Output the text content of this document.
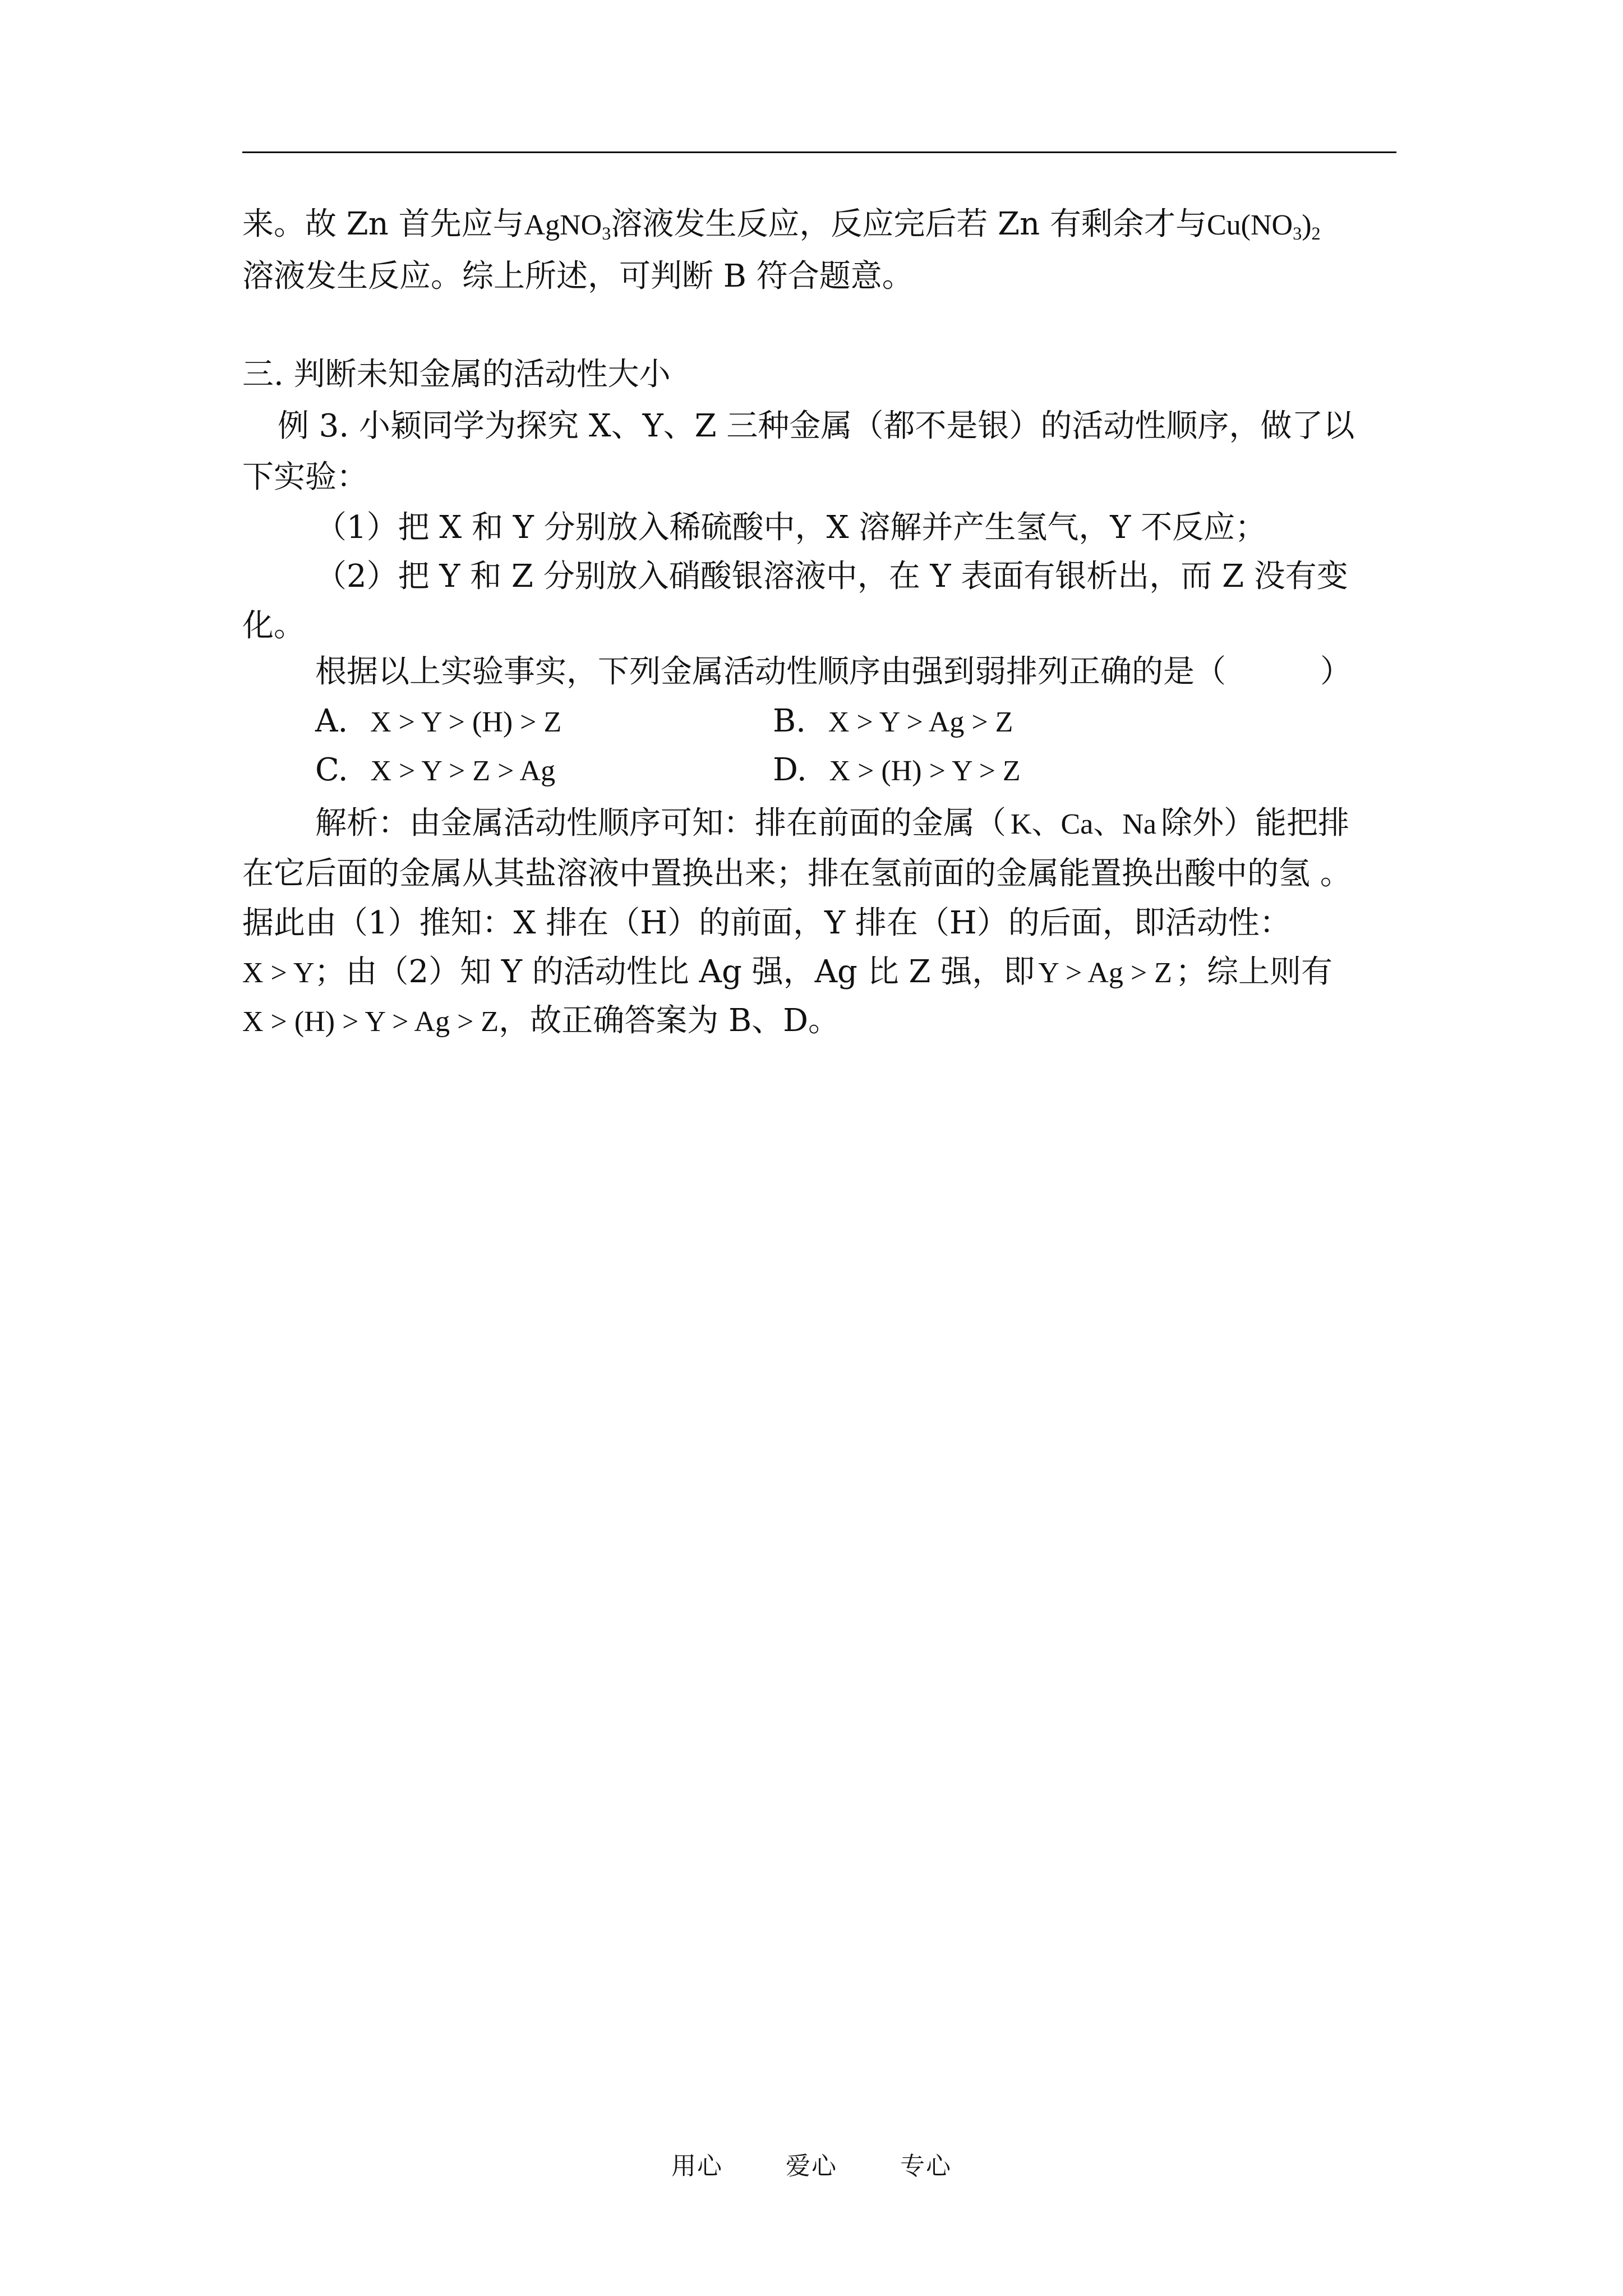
来。故 Zn 首先应与AgNO$_3$溶液发生反应，反应完后若 Zn 有剩余才与$Cu(NO_3)_2$
溶液发生反应。综上所述，可判断 B 符合题意。
三. 判断未知金属的活动性大小
例 3. 小颖同学为探究 X、Y、Z 三种金属（都不是银）的活动性顺序，做了以
下实验：
（1）把 X 和 Y 分别放入稀硫酸中，X 溶解并产生氢气，Y 不反应；
（2）把 Y 和 Z 分别放入硝酸银溶液中，在 Y 表面有银析出，而 Z 没有变
化。
根据以上实验事实，下列金属活动性顺序由强到弱排列正确的是（　　　）
A. X > Y > (H) > Z	B. X > Y > Ag > Z
C. X > Y > Z > Ag	D. X > (H) > Y > Z
解析：由金属活动性顺序可知：排在前面的金属（ K、Ca、Na 除外）能把排
在它后面的金属从其盐溶液中置换出来；排在氢前面的金属能置换出酸中的氢 。
据此由（1）推知：X 排在（H）的前面，Y 排在（H）的后面，即活动性：
X > Y；由（2）知 Y 的活动性比 Ag 强，Ag 比 Z 强，即 Y > Ag > Z ；综上则有
X > (H) > Y > Ag > Z，故正确答案为 B、D。
用心	爱心	专心
